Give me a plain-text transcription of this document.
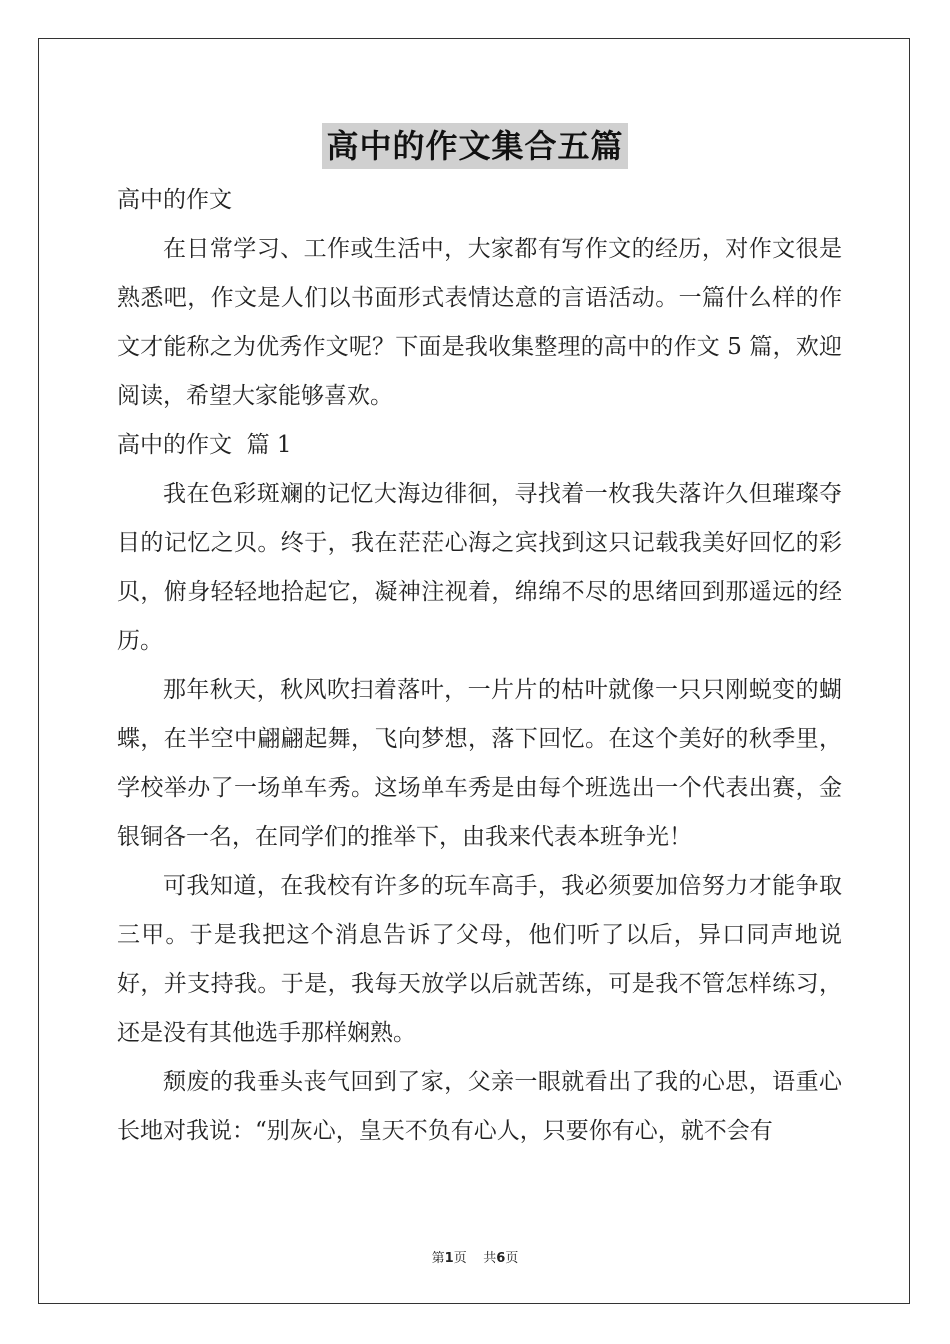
高中的作文集合五篇

高中的作文

在日常学习、工作或生活中，大家都有写作文的经历，对作文很是熟悉吧，作文是人们以书面形式表情达意的言语活动。一篇什么样的作文才能称之为优秀作文呢？下面是我收集整理的高中的作文 5 篇，欢迎阅读，希望大家能够喜欢。

高中的作文  篇 1

我在色彩斑斓的记忆大海边徘徊，寻找着一枚我失落许久但璀璨夺目的记忆之贝。终于，我在茫茫心海之宾找到这只记载我美好回忆的彩贝，俯身轻轻地拾起它，凝神注视着，绵绵不尽的思绪回到那遥远的经历。

那年秋天，秋风吹扫着落叶，一片片的枯叶就像一只只刚蜕变的蝴蝶，在半空中翩翩起舞，飞向梦想，落下回忆。在这个美好的秋季里，学校举办了一场单车秀。这场单车秀是由每个班选出一个代表出赛，金银铜各一名，在同学们的推举下，由我来代表本班争光！

可我知道，在我校有许多的玩车高手，我必须要加倍努力才能争取三甲。于是我把这个消息告诉了父母，他们听了以后，异口同声地说好，并支持我。于是，我每天放学以后就苦练，可是我不管怎样练习，还是没有其他选手那样娴熟。

颓废的我垂头丧气回到了家，父亲一眼就看出了我的心思，语重心长地对我说：“别灰心，皇天不负有心人，只要你有心，就不会有

第1页 共6页
